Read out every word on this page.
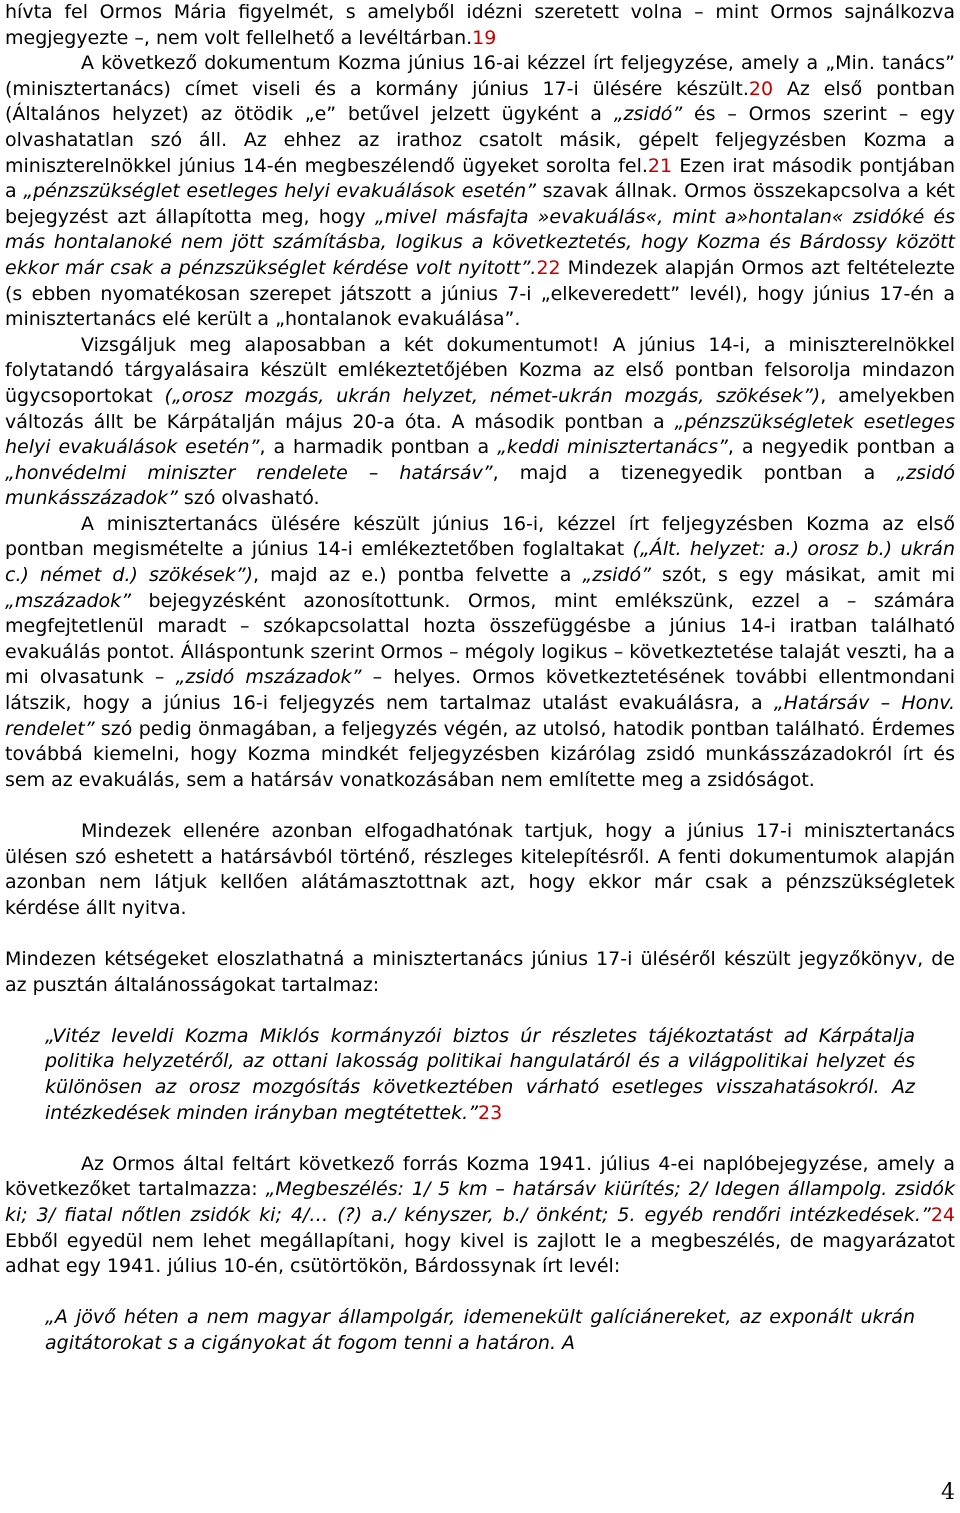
hívta fel Ormos Mária figyelmét, s amelyből idézni szeretett volna – mint Ormos sajnálkozva megjegyezte –, nem volt fellelhető a levéltárban.19

A következő dokumentum Kozma június 16-ai kézzel írt feljegyzése, amely a „Min. tanács” (minisztertanács) címet viseli és a kormány június 17-i ülésére készült.20 Az első pontban (Általános helyzet) az ötödik „e” betűvel jelzett ügyként a „zsidó” és – Ormos szerint – egy olvashatatlan szó áll. Az ehhez az irathoz csatolt másik, gépelt feljegyzésben Kozma a miniszterelnökkel június 14-én megbeszélendő ügyeket sorolta fel.21 Ezen irat második pontjában a „pénzszükséglet esetleges helyi evakuálások esetén” szavak állnak. Ormos összekapcsolva a két bejegyzést azt állapította meg, hogy „mivel másfajta »evakuálás«, mint a»hontalan« zsidóké és más hontalanoké nem jött számításba, logikus a következtetés, hogy Kozma és Bárdossy között ekkor már csak a pénzszükséglet kérdése volt nyitott”.22 Mindezek alapján Ormos azt feltételezte (s ebben nyomatékosan szerepet játszott a június 7-i „elkeveredett” levél), hogy június 17-én a minisztertanács elé került a „hontalanok evakuálása”.

Vizsgáljuk meg alaposabban a két dokumentumot! A június 14-i, a miniszterelnökkel folytatandó tárgyalásaira készült emlékeztetőjében Kozma az első pontban felsorolja mindazon ügycsoportokat („orosz mozgás, ukrán helyzet, német-ukrán mozgás, szökések”), amelyekben változás állt be Kárpátalján május 20-a óta. A második pontban a „pénzszükségletek esetleges helyi evakuálások esetén”, a harmadik pontban a „keddi minisztertanács”, a negyedik pontban a „honvédelmi miniszter rendelete – határsáv”, majd a tizenegyedik pontban a „zsidó munkásszázadok” szó olvasható.

A minisztertanács ülésére készült június 16-i, kézzel írt feljegyzésben Kozma az első pontban megismételte a június 14-i emlékeztetőben foglaltakat („Ált. helyzet: a.) orosz b.) ukrán c.) német d.) szökések”), majd az e.) pontba felvette a „zsidó” szót, s egy másikat, amit mi „mszázadok” bejegyzésként azonosítottunk. Ormos, mint emlékszünk, ezzel a – számára megfejtetlenül maradt – szókapcsolattal hozta összefüggésbe a június 14-i iratban található evakuálás pontot. Álláspontunk szerint Ormos – mégoly logikus – következtetése talaját veszti, ha a mi olvasatunk – „zsidó mszázadok” – helyes. Ormos következtetésének további ellentmondani látszik, hogy a június 16-i feljegyzés nem tartalmaz utalást evakuálásra, a „Határsáv – Honv. rendelet” szó pedig önmagában, a feljegyzés végén, az utolsó, hatodik pontban található. Érdemes továbbá kiemelni, hogy Kozma mindkét feljegyzésben kizárólag zsidó munkásszázadokról írt és sem az evakuálás, sem a határsáv vonatkozásában nem említette meg a zsidóságot.

Mindezek ellenére azonban elfogadhatónak tartjuk, hogy a június 17-i minisztertanács ülésen szó eshetett a határsávból történő, részleges kitelepítésről. A fenti dokumentumok alapján azonban nem látjuk kellően alátámasztottnak azt, hogy ekkor már csak a pénzszükségletek kérdése állt nyitva.

Mindezen kétségeket eloszlathatná a minisztertanács június 17-i üléséről készült jegyzőkönyv, de az pusztán általánosságokat tartalmaz:

„Vitéz leveldi Kozma Miklós kormányzói biztos úr részletes tájékoztatást ad Kárpátalja politika helyzetéről, az ottani lakosság politikai hangulatáról és a világpolitikai helyzet és különösen az orosz mozgósítás következtében várható esetleges visszahatásokról. Az intézkedések minden irányban megtétettek.”23

Az Ormos által feltárt következő forrás Kozma 1941. július 4-ei naplóbejegyzése, amely a következőket tartalmazza: „Megbeszélés: 1/ 5 km – határsáv kiürítés; 2/ Idegen állampolg. zsidók ki; 3/ fiatal nőtlen zsidók ki; 4/… (?) a./ kényszer, b./ önként; 5. egyéb rendőri intézkedések.”24 Ebből egyedül nem lehet megállapítani, hogy kivel is zajlott le a megbeszélés, de magyarázatot adhat egy 1941. július 10-én, csütörtökön, Bárdossynak írt levél:

„A jövő héten a nem magyar állampolgár, idemenekült galíciánereket, az exponált ukrán agitátorokat s a cigányokat át fogom tenni a határon. A

4
